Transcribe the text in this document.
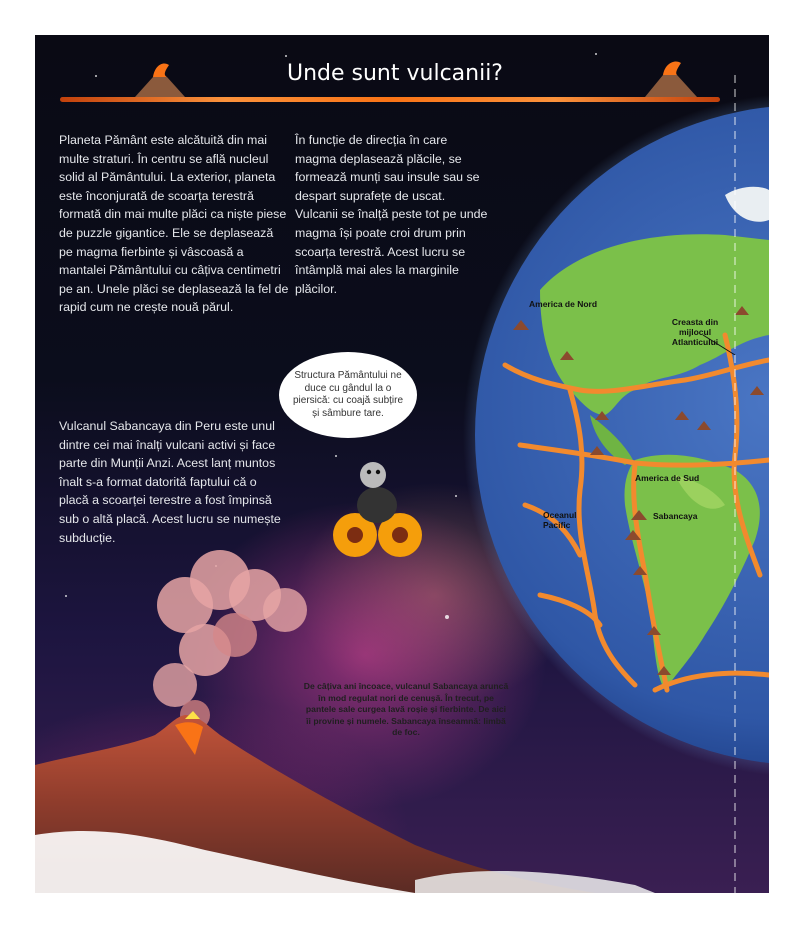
Unde sunt vulcanii?

Planeta Pământ este alcătuită din mai multe straturi. În centru se află nucleul solid al Pământului. La exterior, planeta este înconjurată de scoarța terestră formată din mai multe plăci ca niște piese de puzzle gigantice. Ele se deplasează pe magma fierbinte și vâscoasă a mantalei Pământului cu câțiva centimetri pe an. Unele plăci se deplasează la fel de rapid cum ne crește nouă părul.

În funcție de direcția în care magma deplasează plăcile, se formează munți sau insule sau se despart suprafețe de uscat. Vulcanii se înalță peste tot pe unde magma își poate croi drum prin scoarța terestră. Acest lucru se întâmplă mai ales la marginile plăcilor.

Vulcanul Sabancaya din Peru este unul dintre cei mai înalți vulcani activi și face parte din Munții Anzi. Acest lanț muntos înalt s-a format datorită faptului că o placă a scoarței terestre a fost împinsă sub o altă placă. Acest lucru se numește subducție.

Structura Pământului ne duce cu gândul la o piersică: cu coajă subțire și sâmbure tare.
De câțiva ani încoace, vulcanul Sabancaya aruncă în mod regulat nori de cenușă. În trecut, pe pantele sale curgea lavă roșie și fierbinte. De aici îi provine și numele. Sabancaya înseamnă: limbă de foc.
America de Nord
Creasta din mijlocul Atlanticului
America de Sud
Oceanul Pacific
Sabancaya
